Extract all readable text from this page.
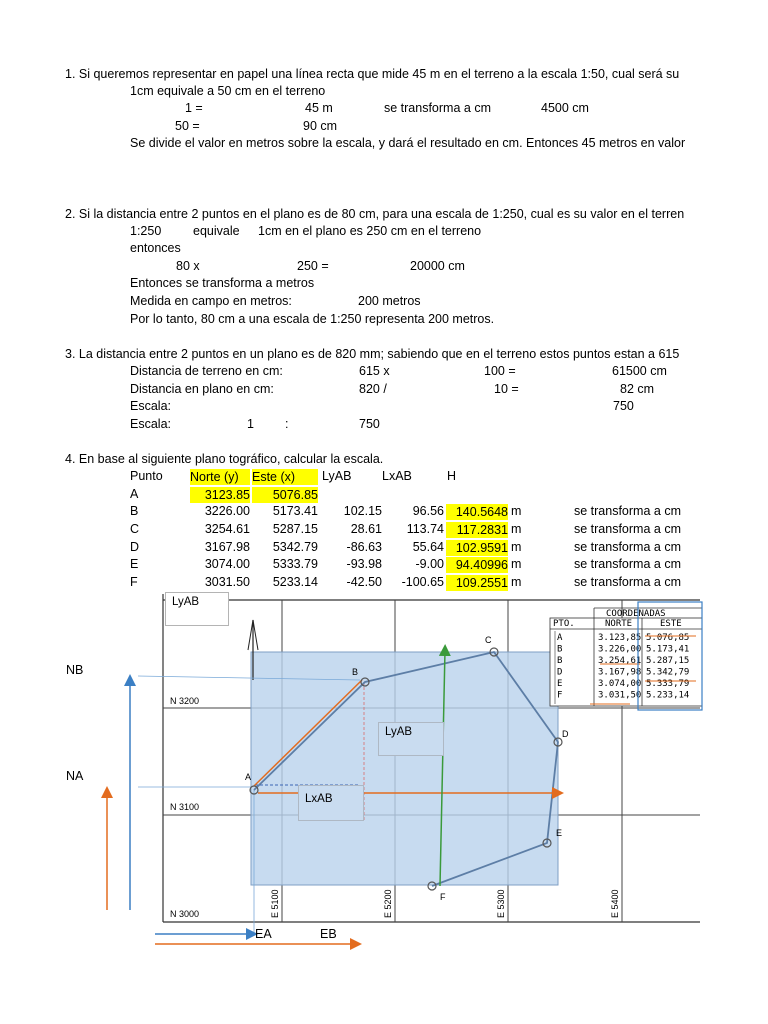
1. Si queremos representar en papel una línea recta que mide 45 m en el terreno a la escala 1:50, cual será su
1cm equivale a 50 cm en el terreno
1 =	45 m	se transforma a cm	4500 cm
50 =	90 cm
Se divide el valor en metros sobre la escala, y dará el resultado en cm. Entonces 45 metros en valor
2. Si la distancia entre 2 puntos en el plano es de 80 cm, para una escala de 1:250, cual es su valor en el terren
1:250	equivale 1cm en el plano es 250 cm en el terreno
entonces
80 x	250 =	20000 cm
Entonces se transforma a metros
Medida en campo en metros:	200 metros
Por lo tanto, 80 cm a una escala de 1:250 representa 200 metros.
3. La distancia entre 2 puntos en un plano es de 820 mm; sabiendo que en el terreno estos puntos estan a 615
Distancia de terreno en cm:	615 x	100 =	61500 cm
Distancia en plano en cm:	820 /	10 =	82 cm
Escala:	750
Escala:	1 :	750
4. En base al siguiente plano tográfico, calcular la escala.
Punto Norte (y)	Este (x)	LyAB LxAB	H
A	3123.85	5076.85
B	3226.00	5173.41	102.15	96.56 140.5648 m	se transforma a cm
C	3254.61	5287.15	28.61	113.74	117.2831 m	se transforma a cm
D	3167.98	5342.79	-86.63	55.64 102.9591 m	se transforma a cm
E	3074.00	5333.79	-93.98	-9.00 94.40996 m	se transforma a cm
F	3031.50	5233.14	-42.50	-100.65 109.2551 m	se transforma a cm
A
B
C
D
E
F
N 3200
N 3100
N 3000	E 5100	E 5200	E 5300	E 5400
COORDENADAS
PTO.	NORTE	ESTE
A	3.123,85 5.076,85
B	3.226,00 5.173,41
B	3.254,61 5.287,15
D	3.167,98 5.342,79
E	3.074,00 5.333,79
F	3.031,50 5.233,14
LyAB
LyAB
LxAB
NB
NA
EA	EB
